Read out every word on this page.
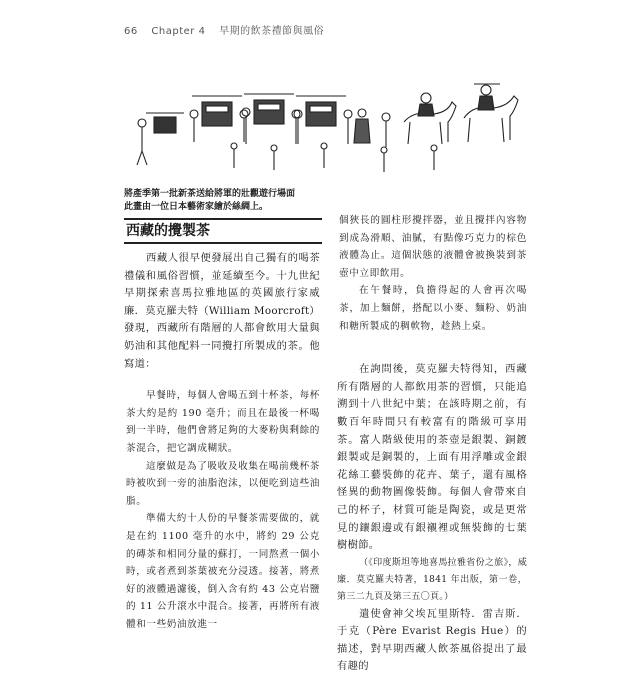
66 Chapter 4 早期的飲茶禮節與風俗
將產季第一批新茶送給將軍的壯觀遊行場面
此畫由一位日本藝術家繪於絲綢上。
西藏的攪製茶

西藏人很早便發展出自己獨有的喝茶禮儀和風俗習慣，並延續至今。十九世紀早期探索喜馬拉雅地區的英國旅行家威廉．莫克羅夫特（William Moorcroft）發現，西藏所有階層的人都會飲用大量與奶油和其他配料一同攪打所製成的茶。他寫道：

早餐時，每個人會喝五到十杯茶，每杯茶大約是約 190 毫升；而且在最後一杯喝到一半時，他們會將足夠的大麥粉與剩餘的茶混合，把它調成糊狀。

這麼做是為了吸收及收集在喝前幾杯茶時被吹到一旁的油脂泡沫，以便吃到這些油脂。

準備大約十人份的早餐茶需要做的，就是在約 1100 毫升的水中，將約 29 公克的磚茶和相同分量的蘇打，一同熬煮一個小時，或者煮到茶葉被充分浸透。接著，將煮好的液體過濾後，倒入含有約 43 公克岩鹽的 11 公升滾水中混合。接著，再將所有液體和一些奶油放進一

個狹長的圓柱形攪拌器，並且攪拌內容物到成為滑順、油膩，有點像巧克力的棕色液體為止。這個狀態的液體會被換裝到茶壺中立即飲用。

在午餐時，負擔得起的人會再次喝茶，加上麵餅，搭配以小麥、麵粉、奶油和糖所製成的稠軟物，趁熱上桌。

在詢問後，莫克羅夫特得知，西藏所有階層的人都飲用茶的習慣，只能追溯到十八世紀中葉；在該時期之前，有數百年時間只有較富有的階級可享用茶。富人階級使用的茶壺是銀製、銅鍍銀製或是銅製的，上面有用浮雕或金銀花絲工藝裝飾的花卉、葉子，還有風格怪異的動物圖像裝飾。每個人會帶來自己的杯子，材質可能是陶瓷，或是更常見的鑲銀邊或有銀襯裡或無裝飾的七葉樹樹節。

（《印度斯坦等地喜馬拉雅省份之旅》，威廉．莫克羅夫特著，1841 年出版，第一卷，第三二九頁及第三五〇頁。）

遣使會神父埃瓦里斯特．雷吉斯．于克（Père Evarist Regis Hue）的描述，對早期西藏人飲茶風俗提出了最有趣的
